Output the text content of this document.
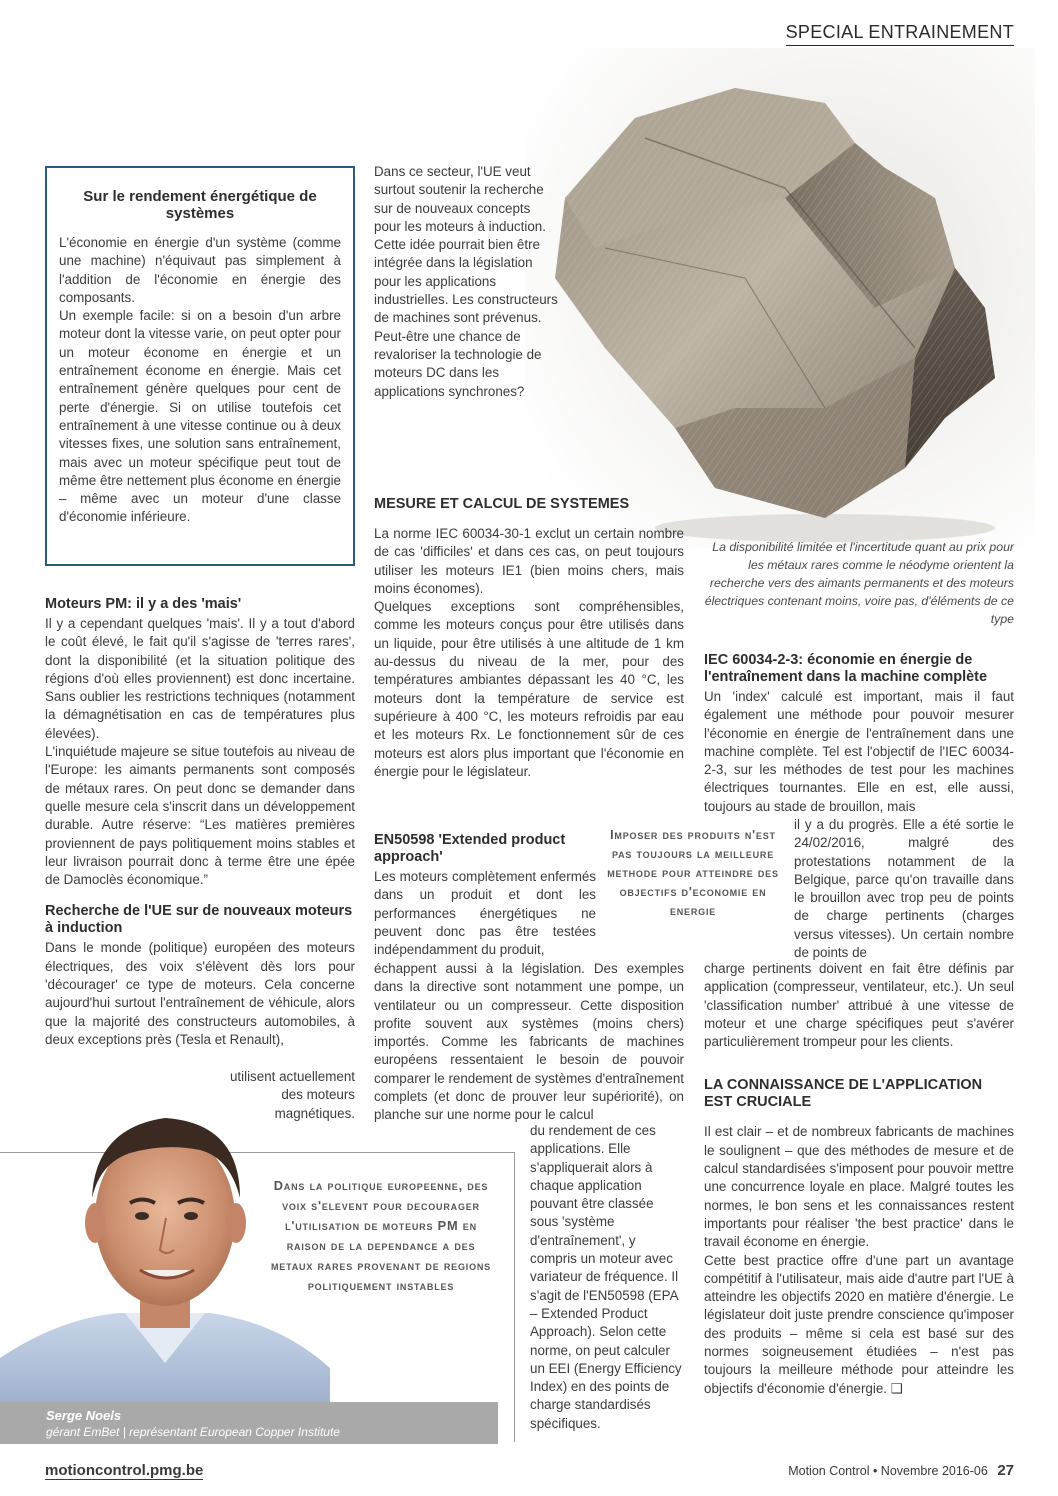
SPECIAL ENTRAINEMENT
La disponibilité limitée et l'incertitude quant au prix pour les métaux rares comme le néodyme orientent la recherche vers des aimants permanents et des moteurs électriques contenant moins, voire pas, d'éléments de ce type
Sur le rendement énergétique de systèmes

L'économie en énergie d'un système (comme une machine) n'équivaut pas simplement à l'addition de l'économie en énergie des composants.

Un exemple facile: si on a besoin d'un arbre moteur dont la vitesse varie, on peut opter pour un moteur économe en énergie et un entraînement économe en énergie. Mais cet entraînement génère quelques pour cent de perte d'énergie. Si on utilise toutefois cet entraînement à une vitesse continue ou à deux vitesses fixes, une solution sans entraînement, mais avec un moteur spécifique peut tout de même être nettement plus économe en énergie – même avec un moteur d'une classe d'économie inférieure.

Moteurs PM: il y a des 'mais'

Il y a cependant quelques 'mais'. Il y a tout d'abord le coût élevé, le fait qu'il s'agisse de 'terres rares', dont la disponibilité (et la situation politique des régions d'où elles proviennent) est donc incertaine. Sans oublier les restrictions techniques (notamment la démagnétisation en cas de températures plus élevées).

L'inquiétude majeure se situe toutefois au niveau de l'Europe: les aimants permanents sont composés de métaux rares. On peut donc se demander dans quelle mesure cela s'inscrit dans un développement durable. Autre réserve: “Les matières premières proviennent de pays politiquement moins stables et leur livraison pourrait donc à terme être une épée de Damoclès économique.”

Recherche de l'UE sur de nouveaux moteurs à induction

Dans le monde (politique) européen des moteurs électriques, des voix s'élèvent dès lors pour 'décourager' ce type de moteurs. Cela concerne aujourd'hui surtout l'entraînement de véhicule, alors que la majorité des constructeurs automobiles, à deux exceptions près (Tesla et Renault),

utilisent actuellement des moteurs magnétiques.

Dans ce secteur, l'UE veut surtout soutenir la recherche sur de nouveaux concepts pour les moteurs à induction. Cette idée pourrait bien être intégrée dans la législation pour les applications industrielles. Les constructeurs de machines sont prévenus. Peut-être une chance de revaloriser la technologie de moteurs DC dans les applications synchrones?

MESURE ET CALCUL DE SYSTEMES

La norme IEC 60034-30-1 exclut un certain nombre de cas 'difficiles' et dans ces cas, on peut toujours utiliser les moteurs IE1 (bien moins chers, mais moins économes).

Quelques exceptions sont compréhensibles, comme les moteurs conçus pour être utilisés dans un liquide, pour être utilisés à une altitude de 1 km au-dessus du niveau de la mer, pour des températures ambiantes dépassant les 40 °C, les moteurs dont la température de service est supérieure à 400 °C, les moteurs refroidis par eau et les moteurs Rx. Le fonctionnement sûr de ces moteurs est alors plus important que l'économie en énergie pour le législateur.

EN50598 'Extended product approach'

Les moteurs complètement enfermés dans un produit et dont les performances énergétiques ne peuvent donc pas être testées indépendamment du produit,

échappent aussi à la législation. Des exemples dans la directive sont notamment une pompe, un ventilateur ou un compresseur. Cette disposition profite souvent aux systèmes (moins chers) importés. Comme les fabricants de machines européens ressentaient le besoin de pouvoir comparer le rendement de systèmes d'entraînement complets (et donc de prouver leur supériorité), on planche sur une norme pour le calcul

du rendement de ces applications. Elle s'appliquerait alors à chaque application pouvant être classée sous 'système d'entraînement', y compris un moteur avec variateur de fréquence. Il s'agit de l'EN50598 (EPA – Extended Product Approach). Selon cette norme, on peut calculer un EEI (Energy Efficiency Index) en des points de charge standardisés spécifiques.

Imposer des produits n'est pas toujours la meilleure methode pour atteindre des objectifs d'economie en energie
IEC 60034-2-3: économie en énergie de l'entraînement dans la machine complète

Un 'index' calculé est important, mais il faut également une méthode pour pouvoir mesurer l'économie en énergie de l'entraînement dans une machine complète. Tel est l'objectif de l'IEC 60034-2-3, sur les méthodes de test pour les machines électriques tournantes. Elle en est, elle aussi, toujours au stade de brouillon, mais

il y a du progrès. Elle a été sortie le 24/02/2016, malgré des protestations notamment de la Belgique, parce qu'on travaille dans le brouillon avec trop peu de points de charge pertinents (charges versus vitesses). Un certain nombre de points de

charge pertinents doivent en fait être définis par application (compresseur, ventilateur, etc.). Un seul 'classification number' attribué à une vitesse de moteur et une charge spécifiques peut s'avérer particulièrement trompeur pour les clients.

LA CONNAISSANCE DE L'APPLICATION EST CRUCIALE

Il est clair – et de nombreux fabricants de machines le soulignent – que des méthodes de mesure et de calcul standardisées s'imposent pour pouvoir mettre une concurrence loyale en place. Malgré toutes les normes, le bon sens et les connaissances restent importants pour réaliser 'the best practice' dans le travail économe en énergie.

Cette best practice offre d'une part un avantage compétitif à l'utilisateur, mais aide d'autre part l'UE à atteindre les objectifs 2020 en matière d'énergie. Le législateur doit juste prendre conscience qu'imposer des produits – même si cela est basé sur des normes soigneusement étudiées – n'est pas toujours la meilleure méthode pour atteindre les objectifs d'économie d'énergie. ❑

Dans la politique europeenne, des voix s'elevent pour decourager l'utilisation de moteurs PM en raison de la dependance a des metaux rares provenant de regions politiquement instables
Serge Noels
gérant EmBet | représentant European Copper Institute
motioncontrol.pmg.be	Motion Control • Novembre 2016-06 27
